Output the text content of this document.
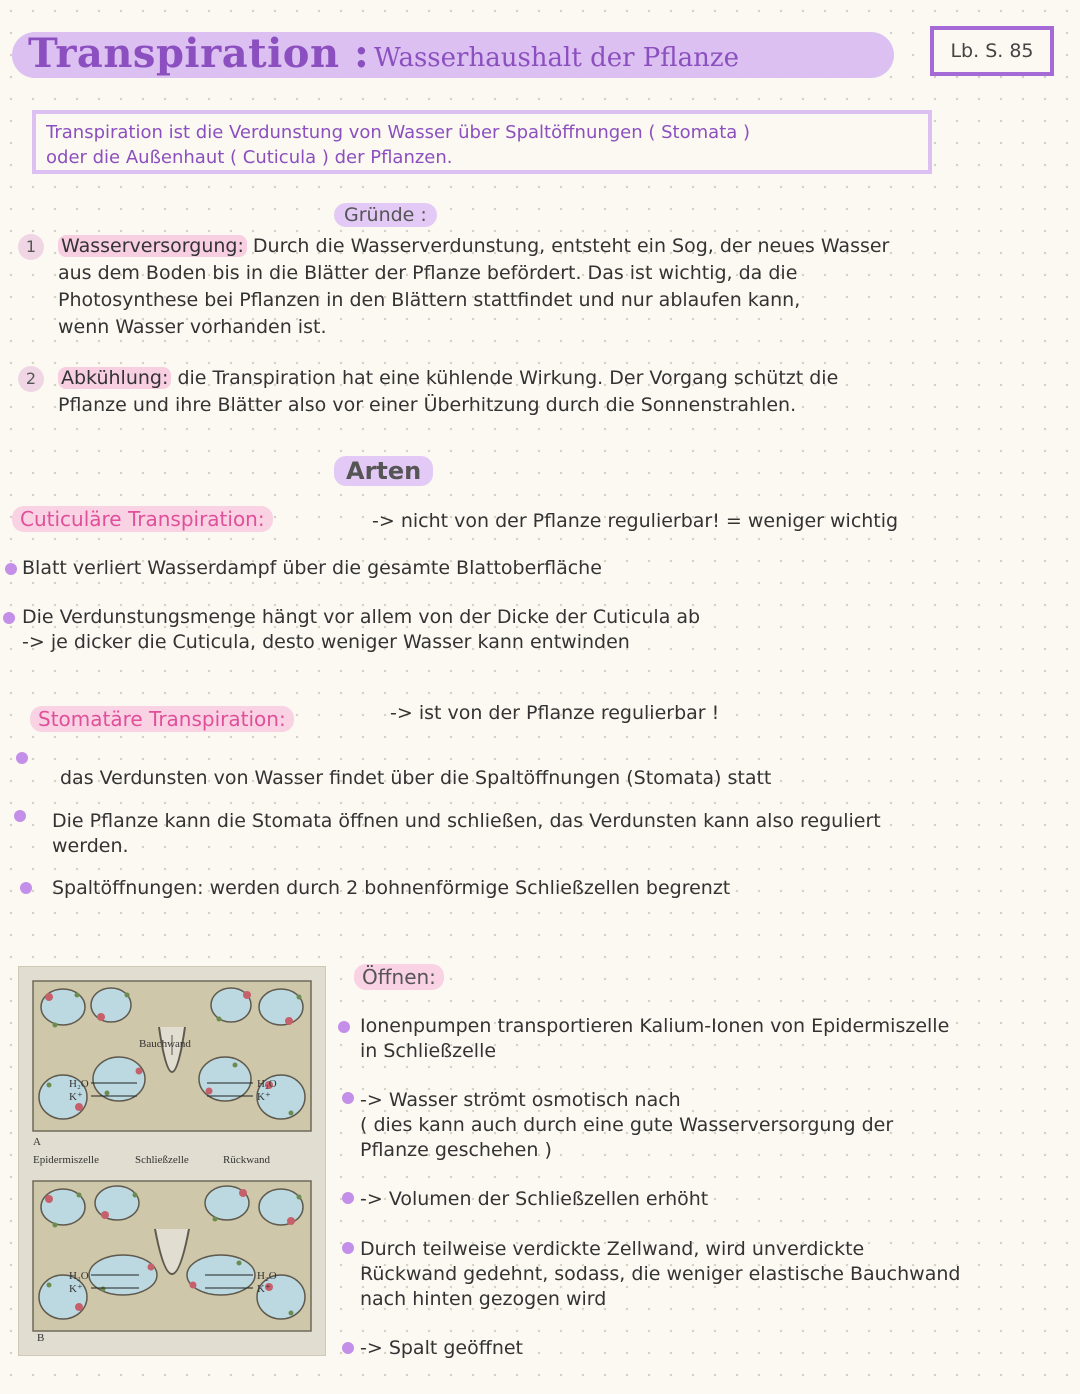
Transpiration : Wasserhaushalt der Pflanze	Lb. S. 85

Transpiration ist die Verdunstung von Wasser über Spaltöffnungen ( Stomata )

oder die Außenhaut ( Cuticula ) der Pflanzen.

Gründe :
1	Wasserversorgung: Durch die Wasserverdunstung, entsteht ein Sog, der neues Wasser
aus dem Boden bis in die Blätter der Pflanze befördert. Das ist wichtig, da die
Photosynthese bei Pflanzen in den Blättern stattfindet und nur ablaufen kann,
wenn Wasser vorhanden ist.
2	Abkühlung: die Transpiration hat eine kühlende Wirkung. Der Vorgang schützt die
Pflanze und ihre Blätter also vor einer Überhitzung durch die Sonnenstrahlen.
Arten
Cuticuläre Transpiration:	-> nicht von der Pflanze regulierbar! = weniger wichtig
Blatt verliert Wasserdampf über die gesamte Blattoberfläche
Die Verdunstungsmenge hängt vor allem von der Dicke der Cuticula ab
-> je dicker die Cuticula, desto weniger Wasser kann entwinden
Stomatäre Transpiration:	-> ist von der Pflanze regulierbar !
das Verdunsten von Wasser findet über die Spaltöffnungen (Stomata) statt
Die Pflanze kann die Stomata öffnen und schließen, das Verdunsten kann also reguliert
werden.
Spaltöffnungen: werden durch 2 bohnenförmige Schließzellen begrenzt
Bauchwand
H₂O
K⁺
H₂O
K⁺
A
Epidermiszelle	Schließzelle	Rückwand
H₂O
K⁺
H₂O
K⁺
B
Öffnen:
Ionenpumpen transportieren Kalium-Ionen von Epidermiszelle
in Schließzelle
-> Wasser strömt osmotisch nach
( dies kann auch durch eine gute Wasserversorgung der
Pflanze geschehen )
-> Volumen der Schließzellen erhöht
Durch teilweise verdickte Zellwand, wird unverdickte
Rückwand gedehnt, sodass, die weniger elastische Bauchwand
nach hinten gezogen wird
-> Spalt geöffnet
